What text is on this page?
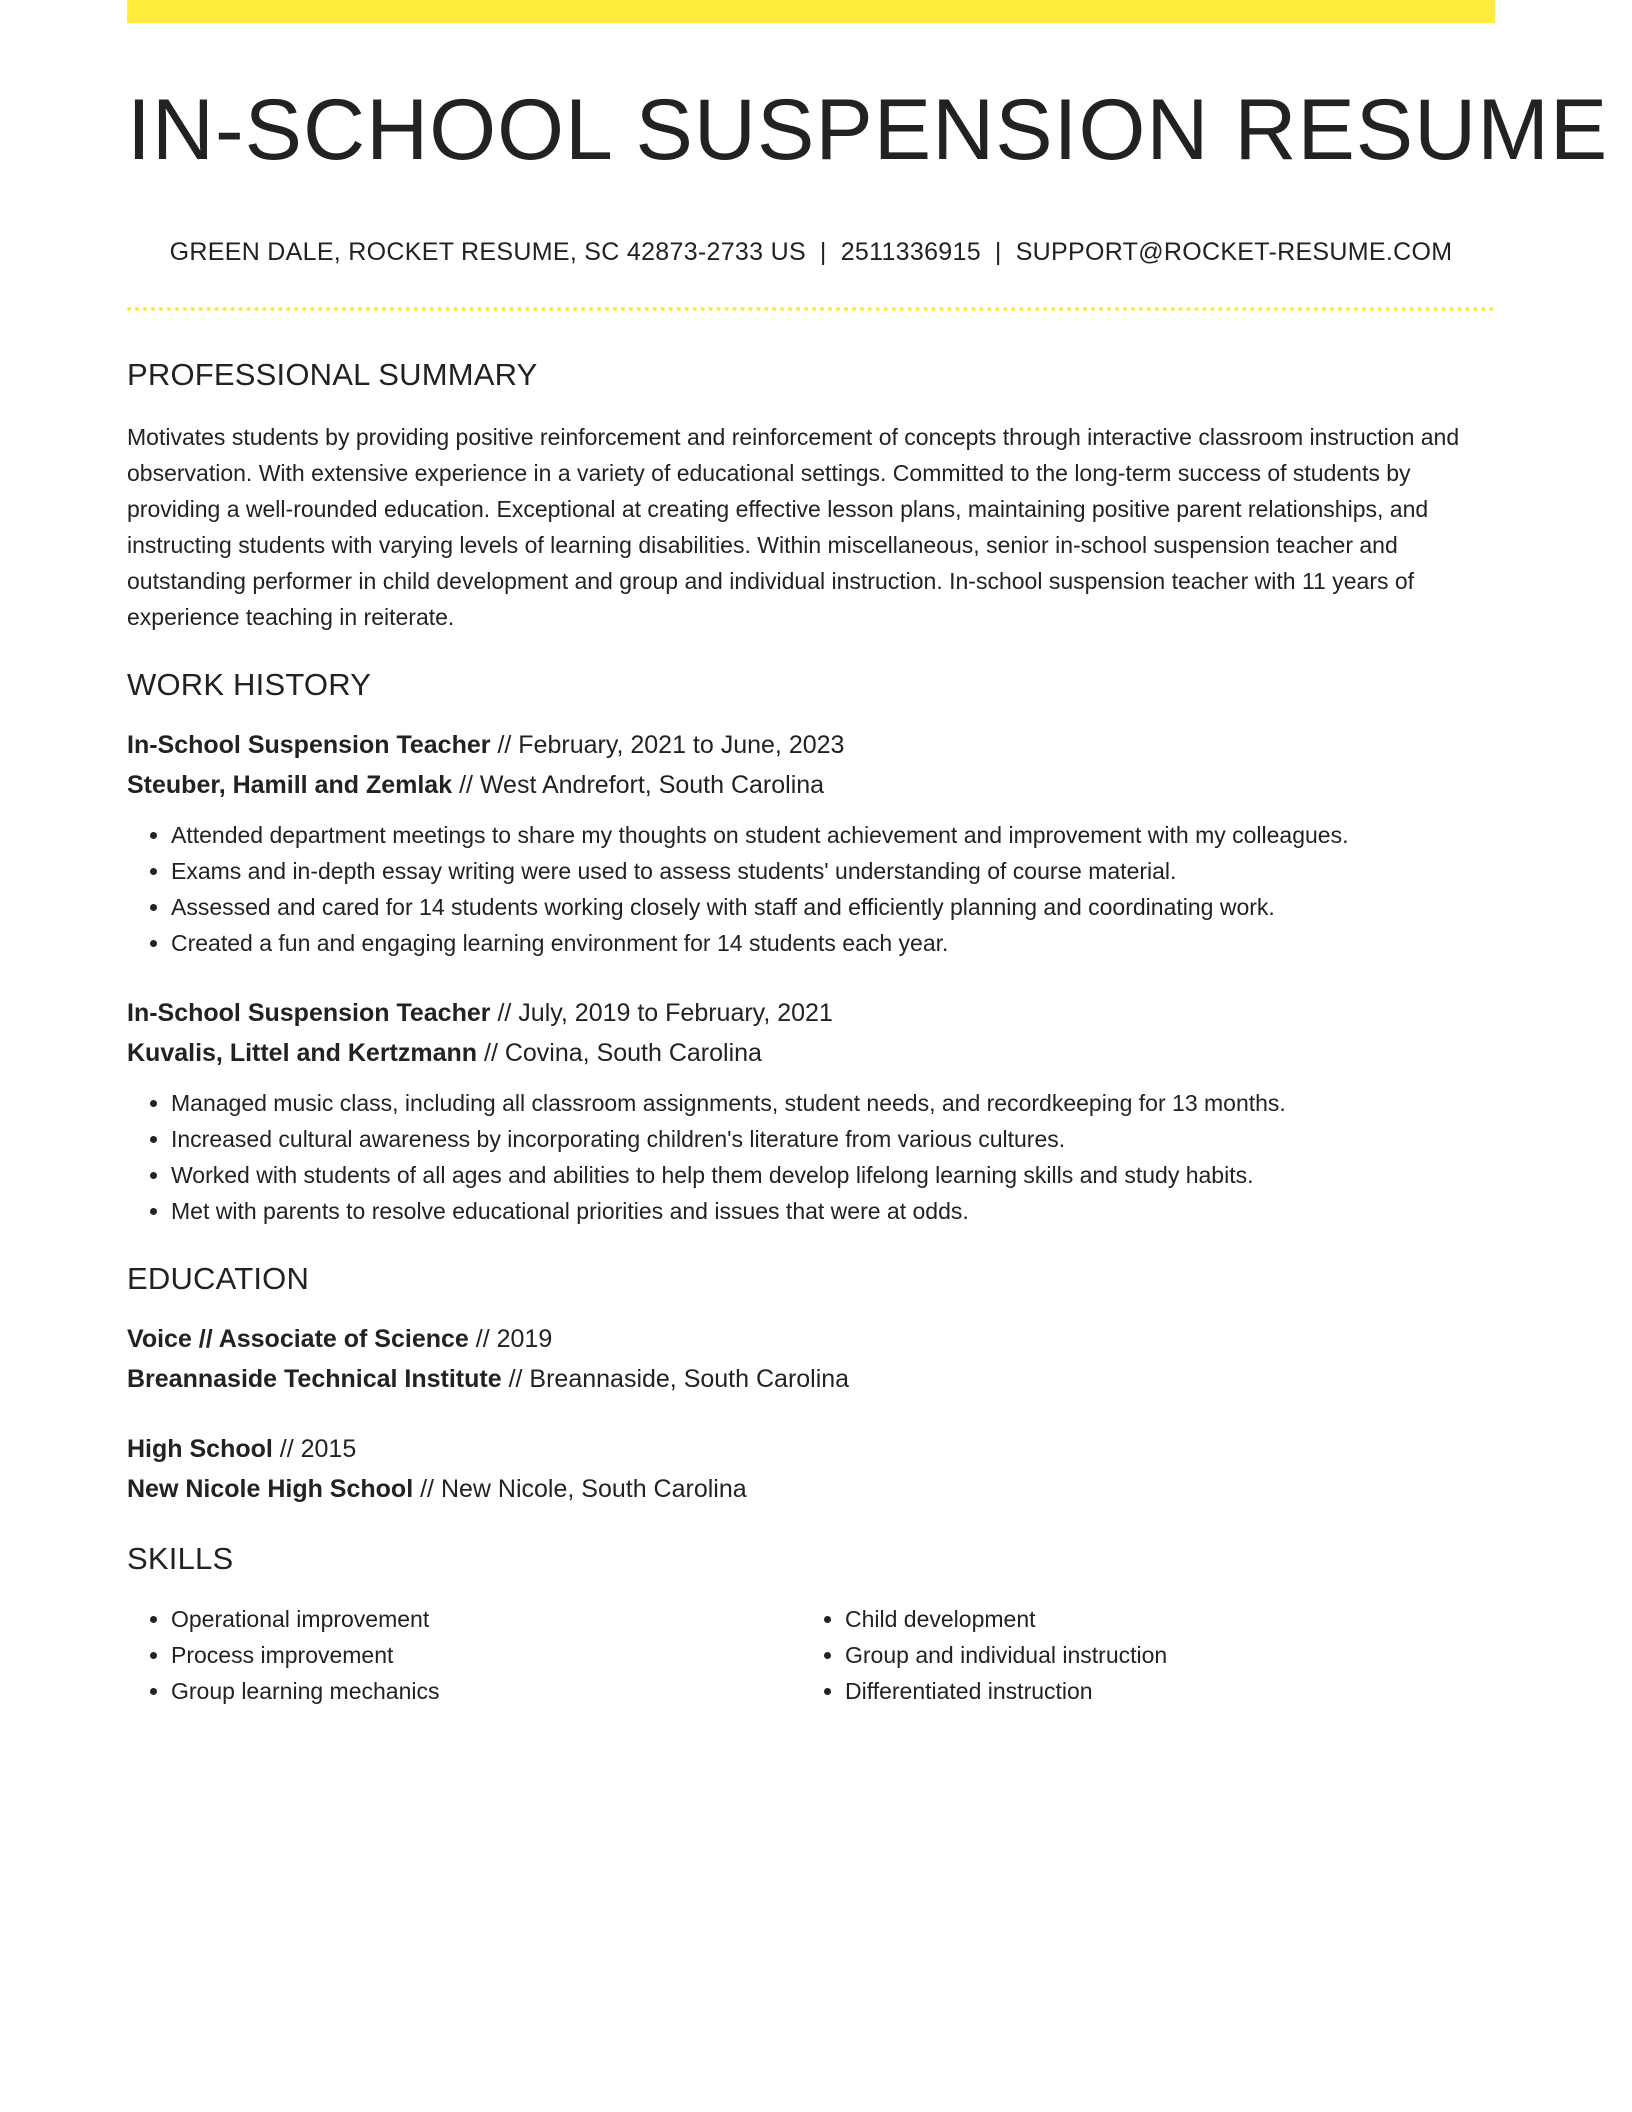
IN-SCHOOL SUSPENSION RESUME
GREEN DALE, ROCKET RESUME, SC 42873-2733 US | 2511336915 | SUPPORT@ROCKET-RESUME.COM
PROFESSIONAL SUMMARY
Motivates students by providing positive reinforcement and reinforcement of concepts through interactive classroom instruction and observation. With extensive experience in a variety of educational settings. Committed to the long-term success of students by providing a well-rounded education. Exceptional at creating effective lesson plans, maintaining positive parent relationships, and instructing students with varying levels of learning disabilities. Within miscellaneous, senior in-school suspension teacher and outstanding performer in child development and group and individual instruction. In-school suspension teacher with 11 years of experience teaching in reiterate.
WORK HISTORY
In-School Suspension Teacher // February, 2021 to June, 2023
Steuber, Hamill and Zemlak // West Andrefort, South Carolina
• Attended department meetings to share my thoughts on student achievement and improvement with my colleagues.
• Exams and in-depth essay writing were used to assess students' understanding of course material.
• Assessed and cared for 14 students working closely with staff and efficiently planning and coordinating work.
• Created a fun and engaging learning environment for 14 students each year.
In-School Suspension Teacher // July, 2019 to February, 2021
Kuvalis, Littel and Kertzmann // Covina, South Carolina
• Managed music class, including all classroom assignments, student needs, and recordkeeping for 13 months.
• Increased cultural awareness by incorporating children's literature from various cultures.
• Worked with students of all ages and abilities to help them develop lifelong learning skills and study habits.
• Met with parents to resolve educational priorities and issues that were at odds.
EDUCATION
Voice // Associate of Science // 2019
Breannaside Technical Institute // Breannaside, South Carolina
High School // 2015
New Nicole High School // New Nicole, South Carolina
SKILLS
• Operational improvement
• Process improvement
• Group learning mechanics
• Child development
• Group and individual instruction
• Differentiated instruction
